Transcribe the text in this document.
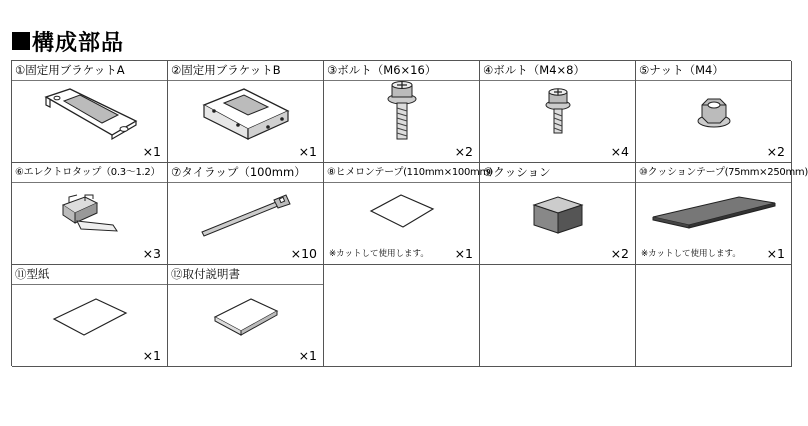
構成部品
①固定用ブラケットA
×1
②固定用ブラケットB
×1
③ボルト（M6×16）
×2
④ボルト（M4×8）
×4
⑤ナット（M4）
×2
⑥エレクトロタップ（0.3〜1.2）
×3
⑦タイラップ（100mm）
×10
⑧ヒメロンテープ(110mm×100mm)
※カットして使用します。 ×1
⑨クッション
×2
⑩クッションテープ(75mm×250mm)
※カットして使用します。 ×1
⑪型紙
×1
⑫取付説明書
×1
